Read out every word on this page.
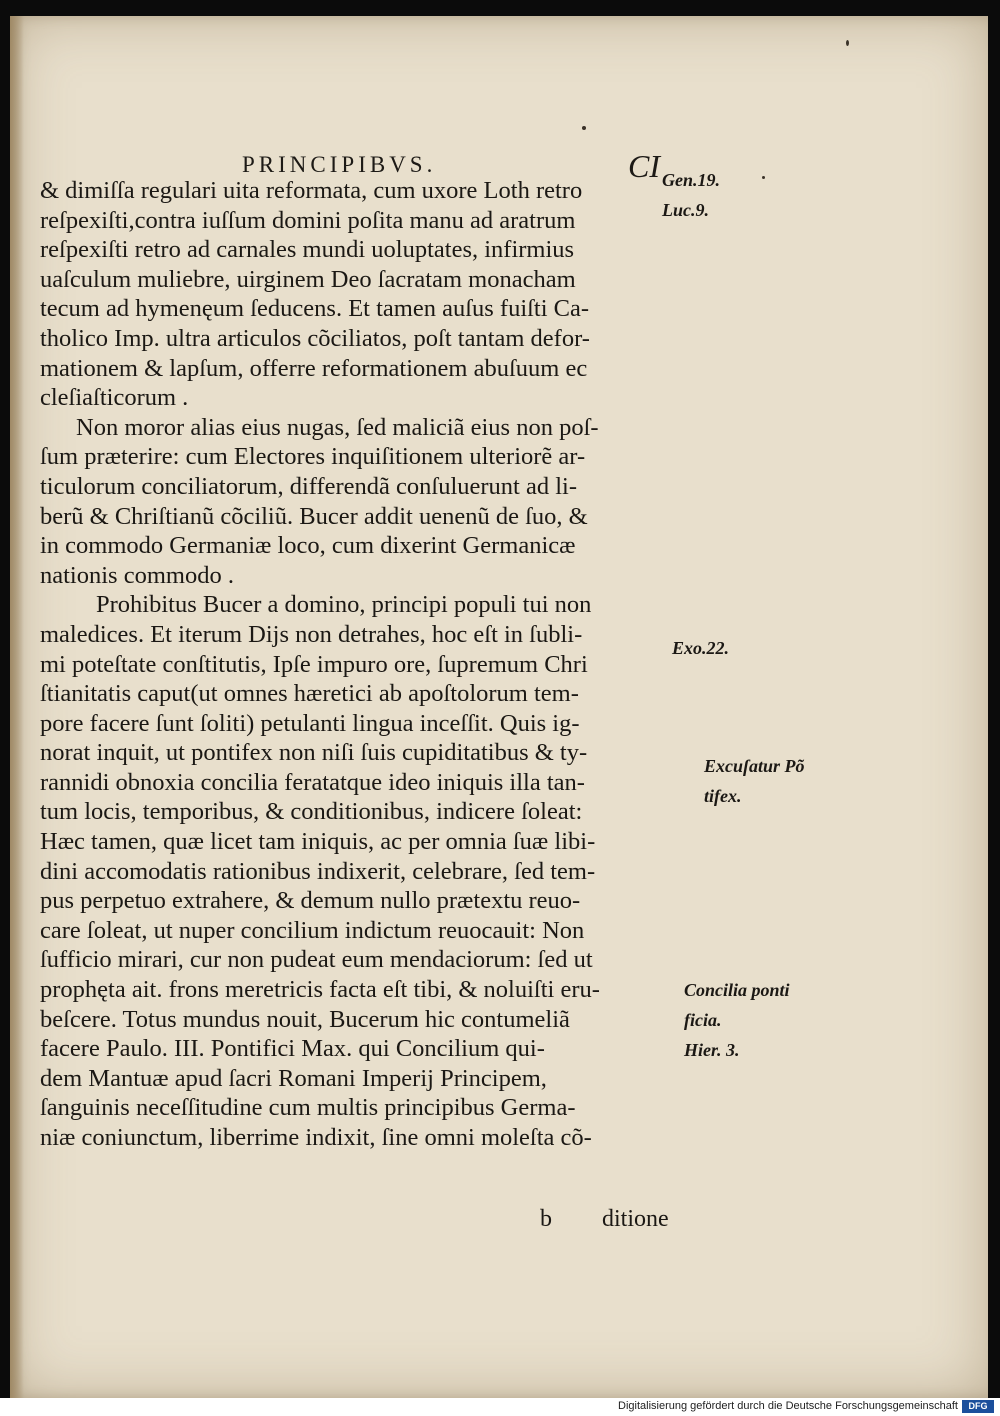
PRINCIPIBVS.	CI
& dimiſſa regulari uita reformata, cum uxore Loth retro
reſpexiſti,contra iuſſum domini poſita manu ad aratrum
reſpexiſti retro ad carnales mundi uoluptates, infirmius
uaſculum muliebre, uirginem Deo ſacratam monacham
tecum ad hymenęum ſeducens. Et tamen auſus fuiſti Ca-
tholico Imp. ultra articulos cõciliatos, poſt tantam defor-
mationem & lapſum, offerre reformationem abuſuum ec
cleſiaſticorum .
Non moror alias eius nugas, ſed maliciã eius non poſ-
ſum præterire: cum Electores inquiſitionem ulteriorẽ ar-
ticulorum conciliatorum, differendã conſuluerunt ad li-
berũ & Chriſtianũ cõciliũ. Bucer addit uenenũ de ſuo, &
in commodo Germaniæ loco, cum dixerint Germanicæ
nationis commodo .
Prohibitus Bucer a domino, principi populi tui non
maledices. Et iterum Dijs non detrahes, hoc eſt in ſubli-
mi poteſtate conſtitutis, Ipſe impuro ore, ſupremum Chri
ſtianitatis caput(ut omnes hæretici ab apoſtolorum tem-
pore facere ſunt ſoliti) petulanti lingua inceſſit. Quis ig-
norat inquit, ut pontifex non niſi ſuis cupiditatibus & ty-
rannidi obnoxia concilia feratatque ideo iniquis illa tan-
tum locis, temporibus, & conditionibus, indicere ſoleat:
Hæc tamen, quæ licet tam iniquis, ac per omnia ſuæ libi-
dini accomodatis rationibus indixerit, celebrare, ſed tem-
pus perpetuo extrahere, & demum nullo prætextu reuo-
care ſoleat, ut nuper concilium indictum reuocauit: Non
ſufficio mirari, cur non pudeat eum mendaciorum: ſed ut
prophęta ait. frons meretricis facta eſt tibi, & noluiſti eru-
beſcere. Totus mundus nouit, Bucerum hic contumeliã
facere Paulo. III. Pontifici Max. qui Concilium qui-
dem Mantuæ apud ſacri Romani Imperij Principem,
ſanguinis neceſſitudine cum multis principibus Germa-
niæ coniunctum, liberrime indixit, ſine omni moleſta cõ-
b ditione
Gen.19.
Luc.9.
Exo.22.
Excuſatur Põ
tifex.
Concilia ponti
ficia.
Hier. 3.
Digitalisierung gefördert durch die Deutsche Forschungsgemeinschaft	DFG
